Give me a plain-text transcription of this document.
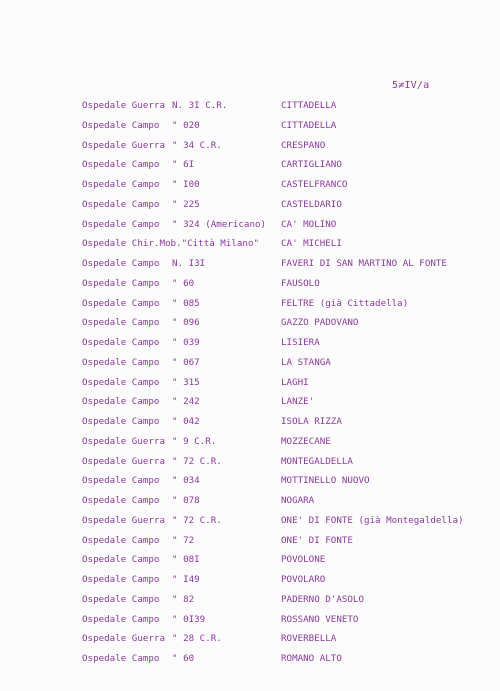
5≠IV/a
Ospedale Guerra N. 3I C.R.	CITTADELLA
Ospedale Campo " 020	CITTADELLA
Ospedale Guerra " 34 C.R.	CRESPANO
Ospedale Campo " 6I	CARTIGLIANO
Ospedale Campo " I00	CASTELFRANCO
Ospedale Campo " 225	CASTELDARIO
Ospedale Campo " 324 (Americano) CA' MOLINO
Ospedale Chir.Mob."Città Milano" CA' MICHELI
Ospedale Campo N. I3I	FAVERI DI SAN MARTINO AL FONTE
Ospedale Campo " 60	FAUSOLO
Ospedale Campo " 085	FELTRE (già Cittadella)
Ospedale Campo " 096	GAZZO PADOVANO
Ospedale Campo " 039	LISIERA
Ospedale Campo " 067	LA STANGA
Ospedale Campo " 315	LAGHI
Ospedale Campo " 242	LANZE'
Ospedale Campo " 042	ISOLA RIZZA
Ospedale Guerra " 9 C.R.	MOZZECANE
Ospedale Guerra " 72 C.R.	MONTEGALDELLA
Ospedale Campo " 034	MOTTINELLO NUOVO
Ospedale Campo " 078	NOGARA
Ospedale Guerra " 72 C.R.	ONE' DI FONTE (già Montegaldella)
Ospedale Campo " 72	ONE' DI FONTE
Ospedale Campo " 08I	POVOLONE
Ospedale Campo " I49	POVOLARO
Ospedale Campo " 82	PADERNO D'ASOLO
Ospedale Campo " 0I39	ROSSANO VENETO
Ospedale Guerra " 28 C.R.	ROVERBELLA
Ospedale Campo " 60	ROMANO ALTO
